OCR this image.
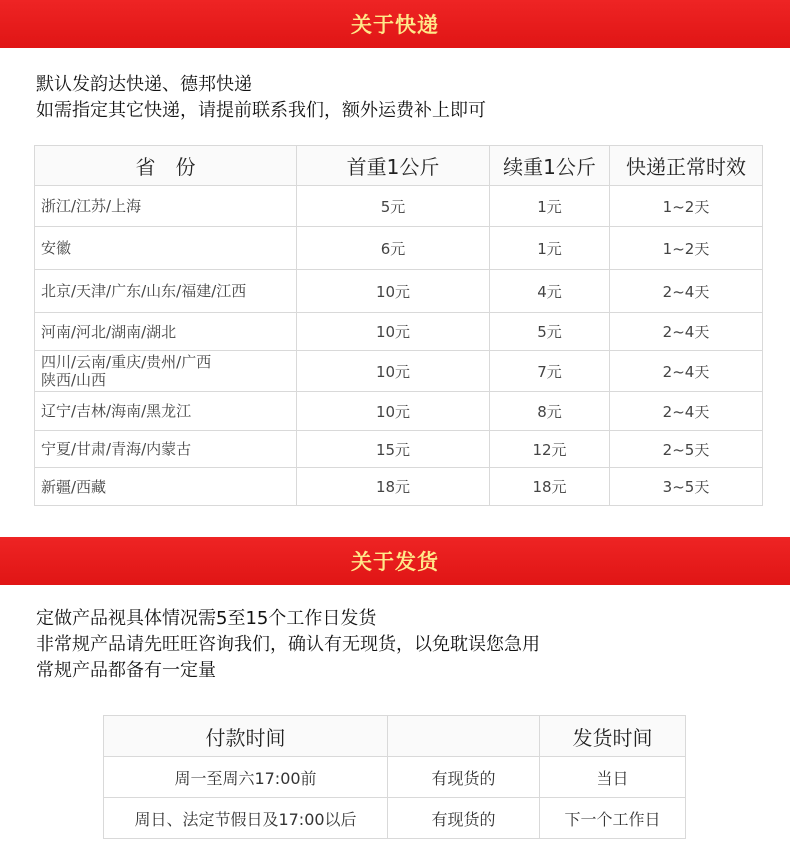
关于快递
默认发韵达快递、德邦快递
如需指定其它快递，请提前联系我们，额外运费补上即可
省　份	首重1公斤	续重1公斤	快递正常时效
浙江/江苏/上海	5元	1元	1~2天
安徽	6元	1元	1~2天
北京/天津/广东/山东/福建/江西	10元	4元	2~4天
河南/河北/湖南/湖北	10元	5元	2~4天
四川/云南/重庆/贵州/广西
陕西/山西	10元	7元	2~4天
辽宁/吉林/海南/黑龙江	10元	8元	2~4天
宁夏/甘肃/青海/内蒙古	15元	12元	2~5天
新疆/西藏	18元	18元	3~5天
关于发货
定做产品视具体情况需5至15个工作日发货
非常规产品请先旺旺咨询我们，确认有无现货，以免耽误您急用
常规产品都备有一定量
付款时间		发货时间
周一至周六17:00前	有现货的	当日
周日、法定节假日及17:00以后	有现货的	下一个工作日
